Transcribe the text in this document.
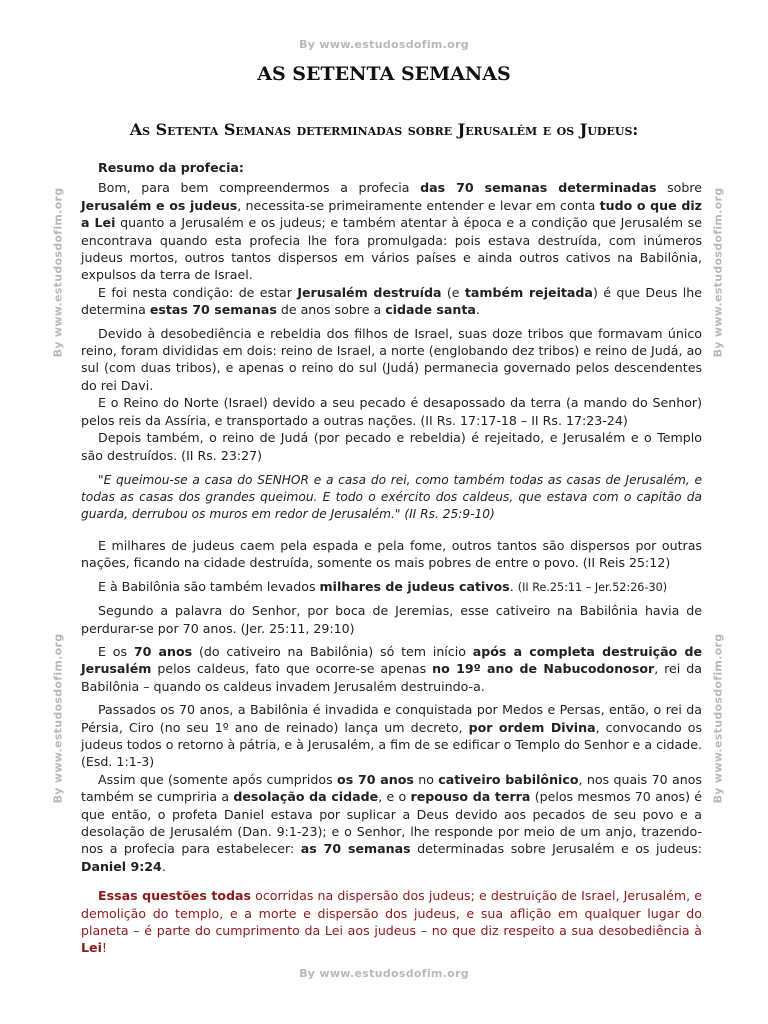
By www.estudosdofim.org
By www.estudosdofim.org
By www.estudosdofim.org
By www.estudosdofim.org
By www.estudosdofim.org
AS SETENTA SEMANAS
As Setenta Semanas determinadas sobre Jerusalém e os Judeus:

Resumo da profecia:

Bom, para bem compreendermos a profecia das 70 semanas determinadas sobre Jerusalém e os judeus, necessita-se primeiramente entender e levar em conta tudo o que diz a Lei quanto a Jerusalém e os judeus; e também atentar à época e a condição que Jerusalém se encontrava quando esta profecia lhe fora promulgada: pois estava destruída, com inúmeros judeus mortos, outros tantos dispersos em vários países e ainda outros cativos na Babilônia, expulsos da terra de Israel.

E foi nesta condição: de estar Jerusalém destruída (e também rejeitada) é que Deus lhe determina estas 70 semanas de anos sobre a cidade santa.

Devido à desobediência e rebeldia dos filhos de Israel, suas doze tribos que formavam único reino, foram divididas em dois: reino de Israel, a norte (englobando dez tribos) e reino de Judá, ao sul (com duas tribos), e apenas o reino do sul (Judá) permanecia governado pelos descendentes do rei Davi.

E o Reino do Norte (Israel) devido a seu pecado é desapossado da terra (a mando do Senhor) pelos reis da Assíria, e transportado a outras nações. (II Rs. 17:17-18 – II Rs. 17:23-24)

Depois também, o reino de Judá (por pecado e rebeldia) é rejeitado, e Jerusalém e o Templo são destruídos. (II Rs. 23:27)

"E queimou-se a casa do SENHOR e a casa do rei, como também todas as casas de Jerusalém, e todas as casas dos grandes queimou. E todo o exército dos caldeus, que estava com o capitão da guarda, derrubou os muros em redor de Jerusalém." (II Rs. 25:9-10)

E milhares de judeus caem pela espada e pela fome, outros tantos são dispersos por outras nações, ficando na cidade destruída, somente os mais pobres de entre o povo. (II Reis 25:12)

E à Babilônia são também levados milhares de judeus cativos. (II Re.25:11 – Jer.52:26-30)

Segundo a palavra do Senhor, por boca de Jeremias, esse cativeiro na Babilônia havia de perdurar-se por 70 anos. (Jer. 25:11, 29:10)

E os 70 anos (do cativeiro na Babilônia) só tem início após a completa destruição de Jerusalém pelos caldeus, fato que ocorre-se apenas no 19º ano de Nabucodonosor, rei da Babilônia – quando os caldeus invadem Jerusalém destruindo-a.

Passados os 70 anos, a Babilônia é invadida e conquistada por Medos e Persas, então, o rei da Pérsia, Ciro (no seu 1º ano de reinado) lança um decreto, por ordem Divina, convocando os judeus todos o retorno à pátria, e à Jerusalém, a fim de se edificar o Templo do Senhor e a cidade. (Esd. 1:1-3)

Assim que (somente após cumpridos os 70 anos no cativeiro babilônico, nos quais 70 anos também se cumpriria a desolação da cidade, e o repouso da terra (pelos mesmos 70 anos) é que então, o profeta Daniel estava por suplicar a Deus devido aos pecados de seu povo e a desolação de Jerusalém (Dan. 9:1-23); e o Senhor, lhe responde por meio de um anjo, trazendo-nos a profecia para estabelecer: as 70 semanas determinadas sobre Jerusalém e os judeus: Daniel 9:24.

Essas questões todas ocorridas na dispersão dos judeus; e destruição de Israel, Jerusalém, e demolição do templo, e a morte e dispersão dos judeus, e sua aflição em qualquer lugar do planeta – é parte do cumprimento da Lei aos judeus – no que diz respeito a sua desobediência à Lei!

By www.estudosdofim.org
